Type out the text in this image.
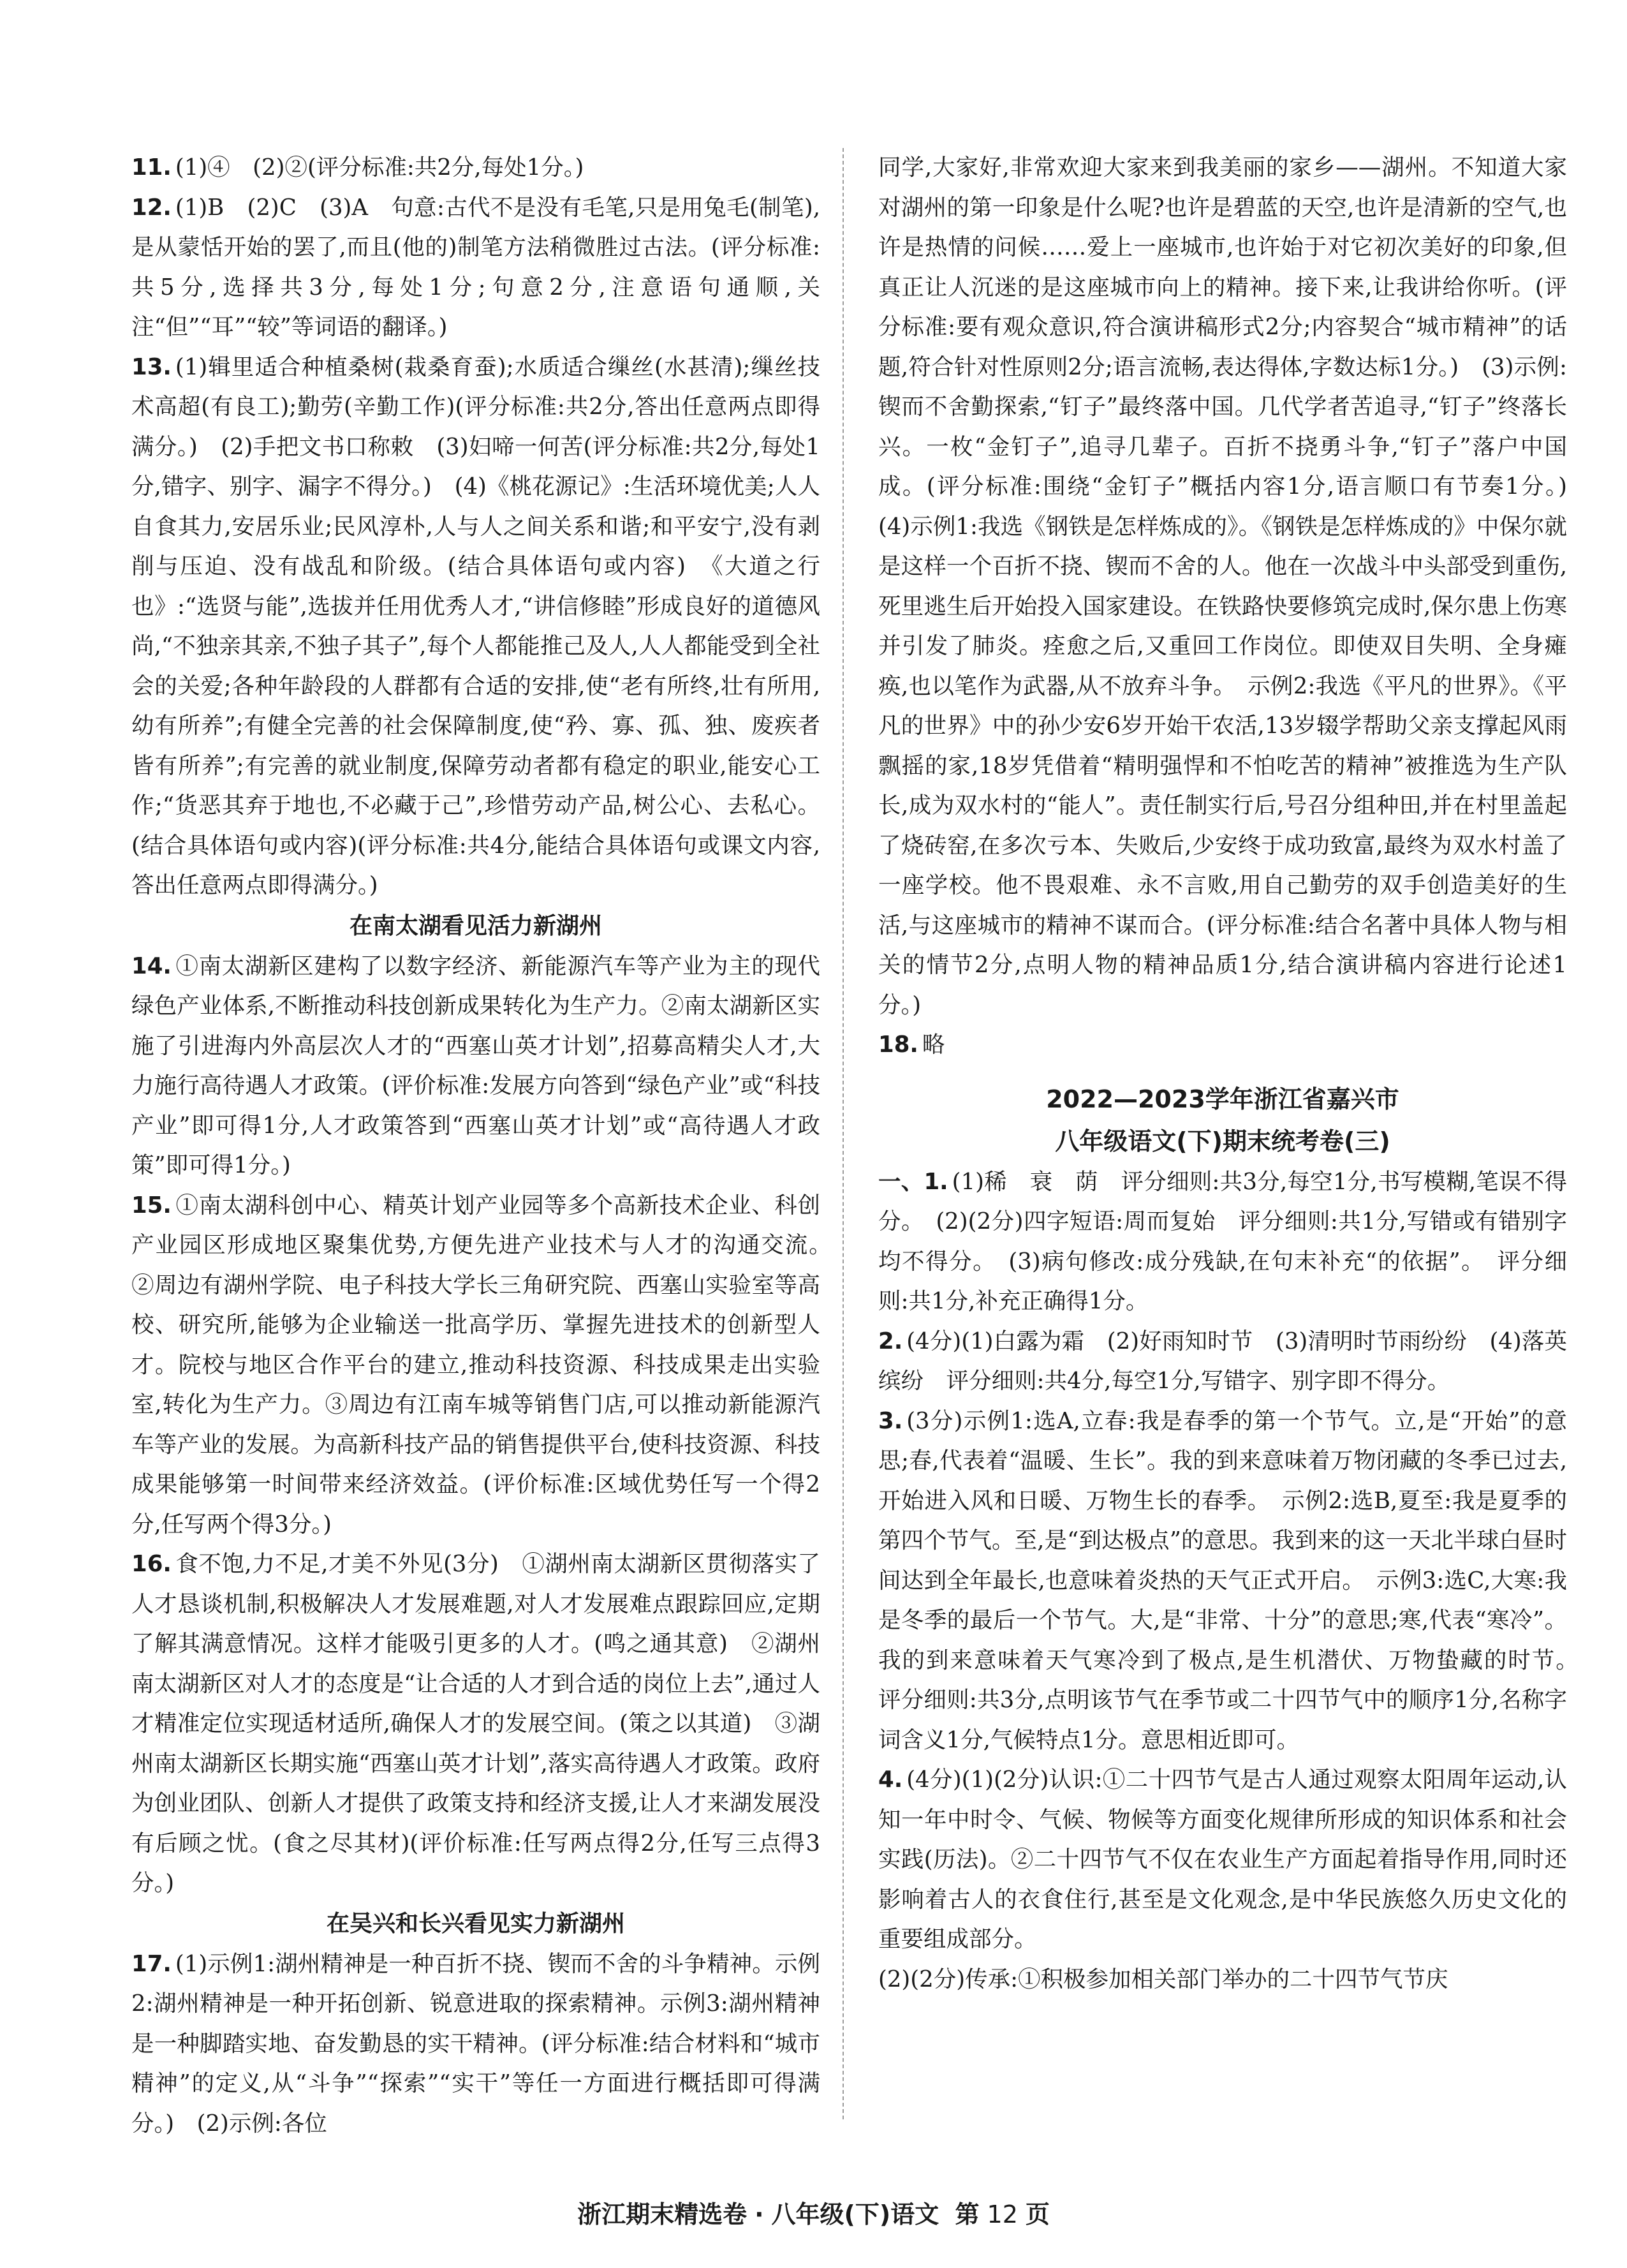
11. (1)④　(2)②(评分标准:共2分,每处1分。)
12. (1)B　(2)C　(3)A　句意:古代不是没有毛笔,只是用兔毛(制笔),是从蒙恬开始的罢了,而且(他的)制笔方法稍微胜过古法。(评分标准:共5分,选择共3分,每处1分;句意2分,注意语句通顺,关注“但”“耳”“较”等词语的翻译。)
13. (1)辑里适合种植桑树(栽桑育蚕);水质适合缫丝(水甚清);缫丝技术高超(有良工);勤劳(辛勤工作)(评分标准:共2分,答出任意两点即得满分。)　(2)手把文书口称敕　(3)妇啼一何苦(评分标准:共2分,每处1分,错字、别字、漏字不得分。)　(4)《桃花源记》:生活环境优美;人人自食其力,安居乐业;民风淳朴,人与人之间关系和谐;和平安宁,没有剥削与压迫、没有战乱和阶级。(结合具体语句或内容)　《大道之行也》:“选贤与能”,选拔并任用优秀人才,“讲信修睦”形成良好的道德风尚,“不独亲其亲,不独子其子”,每个人都能推己及人,人人都能受到全社会的关爱;各种年龄段的人群都有合适的安排,使“老有所终,壮有所用,幼有所养”;有健全完善的社会保障制度,使“矜、寡、孤、独、废疾者皆有所养”;有完善的就业制度,保障劳动者都有稳定的职业,能安心工作;“货恶其弃于地也,不必藏于己”,珍惜劳动产品,树公心、去私心。(结合具体语句或内容)(评分标准:共4分,能结合具体语句或课文内容,答出任意两点即得满分。)
在南太湖看见活力新湖州
14. ①南太湖新区建构了以数字经济、新能源汽车等产业为主的现代绿色产业体系,不断推动科技创新成果转化为生产力。②南太湖新区实施了引进海内外高层次人才的“西塞山英才计划”,招募高精尖人才,大力施行高待遇人才政策。(评价标准:发展方向答到“绿色产业”或“科技产业”即可得1分,人才政策答到“西塞山英才计划”或“高待遇人才政策”即可得1分。)
15. ①南太湖科创中心、精英计划产业园等多个高新技术企业、科创产业园区形成地区聚集优势,方便先进产业技术与人才的沟通交流。　②周边有湖州学院、电子科技大学长三角研究院、西塞山实验室等高校、研究所,能够为企业输送一批高学历、掌握先进技术的创新型人才。院校与地区合作平台的建立,推动科技资源、科技成果走出实验室,转化为生产力。③周边有江南车城等销售门店,可以推动新能源汽车等产业的发展。为高新科技产品的销售提供平台,使科技资源、科技成果能够第一时间带来经济效益。(评价标准:区域优势任写一个得2分,任写两个得3分。)
16. 食不饱,力不足,才美不外见(3分)　①湖州南太湖新区贯彻落实了人才恳谈机制,积极解决人才发展难题,对人才发展难点跟踪回应,定期了解其满意情况。这样才能吸引更多的人才。(鸣之通其意)　②湖州南太湖新区对人才的态度是“让合适的人才到合适的岗位上去”,通过人才精准定位实现适材适所,确保人才的发展空间。(策之以其道)　③湖州南太湖新区长期实施“西塞山英才计划”,落实高待遇人才政策。政府为创业团队、创新人才提供了政策支持和经济支援,让人才来湖发展没有后顾之忧。(食之尽其材)(评价标准:任写两点得2分,任写三点得3分。)
在吴兴和长兴看见实力新湖州
17. (1)示例1:湖州精神是一种百折不挠、锲而不舍的斗争精神。示例2:湖州精神是一种开拓创新、锐意进取的探索精神。示例3:湖州精神是一种脚踏实地、奋发勤恳的实干精神。(评分标准:结合材料和“城市精神”的定义,从“斗争”“探索”“实干”等任一方面进行概括即可得满分。)　(2)示例:各位
同学,大家好,非常欢迎大家来到我美丽的家乡——湖州。不知道大家对湖州的第一印象是什么呢?也许是碧蓝的天空,也许是清新的空气,也许是热情的问候……爱上一座城市,也许始于对它初次美好的印象,但真正让人沉迷的是这座城市向上的精神。接下来,让我讲给你听。(评分标准:要有观众意识,符合演讲稿形式2分;内容契合“城市精神”的话题,符合针对性原则2分;语言流畅,表达得体,字数达标1分。)　(3)示例:锲而不舍勤探索,“钉子”最终落中国。几代学者苦追寻,“钉子”终落长兴。一枚“金钉子”,追寻几辈子。百折不挠勇斗争,“钉子”落户中国成。(评分标准:围绕“金钉子”概括内容1分,语言顺口有节奏1分。)　(4)示例1:我选《钢铁是怎样炼成的》。《钢铁是怎样炼成的》中保尔就是这样一个百折不挠、锲而不舍的人。他在一次战斗中头部受到重伤,死里逃生后开始投入国家建设。在铁路快要修筑完成时,保尔患上伤寒并引发了肺炎。痊愈之后,又重回工作岗位。即使双目失明、全身瘫痪,也以笔作为武器,从不放弃斗争。　示例2:我选《平凡的世界》。《平凡的世界》中的孙少安6岁开始干农活,13岁辍学帮助父亲支撑起风雨飘摇的家,18岁凭借着“精明强悍和不怕吃苦的精神”被推选为生产队长,成为双水村的“能人”。责任制实行后,号召分组种田,并在村里盖起了烧砖窑,在多次亏本、失败后,少安终于成功致富,最终为双水村盖了一座学校。他不畏艰难、永不言败,用自己勤劳的双手创造美好的生活,与这座城市的精神不谋而合。(评分标准:结合名著中具体人物与相关的情节2分,点明人物的精神品质1分,结合演讲稿内容进行论述1分。)
18. 略
2022—2023学年浙江省嘉兴市
八年级语文(下)期末统考卷(三)
一、1. (1)稀　衰　荫　评分细则:共3分,每空1分,书写模糊,笔误不得分。　(2)(2分)四字短语:周而复始　评分细则:共1分,写错或有错别字均不得分。　(3)病句修改:成分残缺,在句末补充“的依据”。　评分细则:共1分,补充正确得1分。
2. (4分)(1)白露为霜　(2)好雨知时节　(3)清明时节雨纷纷　(4)落英缤纷　评分细则:共4分,每空1分,写错字、别字即不得分。
3. (3分)示例1:选A,立春:我是春季的第一个节气。立,是“开始”的意思;春,代表着“温暖、生长”。我的到来意味着万物闭藏的冬季已过去,开始进入风和日暖、万物生长的春季。　示例2:选B,夏至:我是夏季的第四个节气。至,是“到达极点”的意思。我到来的这一天北半球白昼时间达到全年最长,也意味着炎热的天气正式开启。　示例3:选C,大寒:我是冬季的最后一个节气。大,是“非常、十分”的意思;寒,代表“寒冷”。我的到来意味着天气寒冷到了极点,是生机潜伏、万物蛰藏的时节。　评分细则:共3分,点明该节气在季节或二十四节气中的顺序1分,名称字词含义1分,气候特点1分。意思相近即可。
4. (4分)(1)(2分)认识:①二十四节气是古人通过观察太阳周年运动,认知一年中时令、气候、物候等方面变化规律所形成的知识体系和社会实践(历法)。②二十四节气不仅在农业生产方面起着指导作用,同时还影响着古人的衣食住行,甚至是文化观念,是中华民族悠久历史文化的重要组成部分。
(2)(2分)传承:①积极参加相关部门举办的二十四节气节庆
浙江期末精选卷 · 八年级(下)语文 第 12 页
